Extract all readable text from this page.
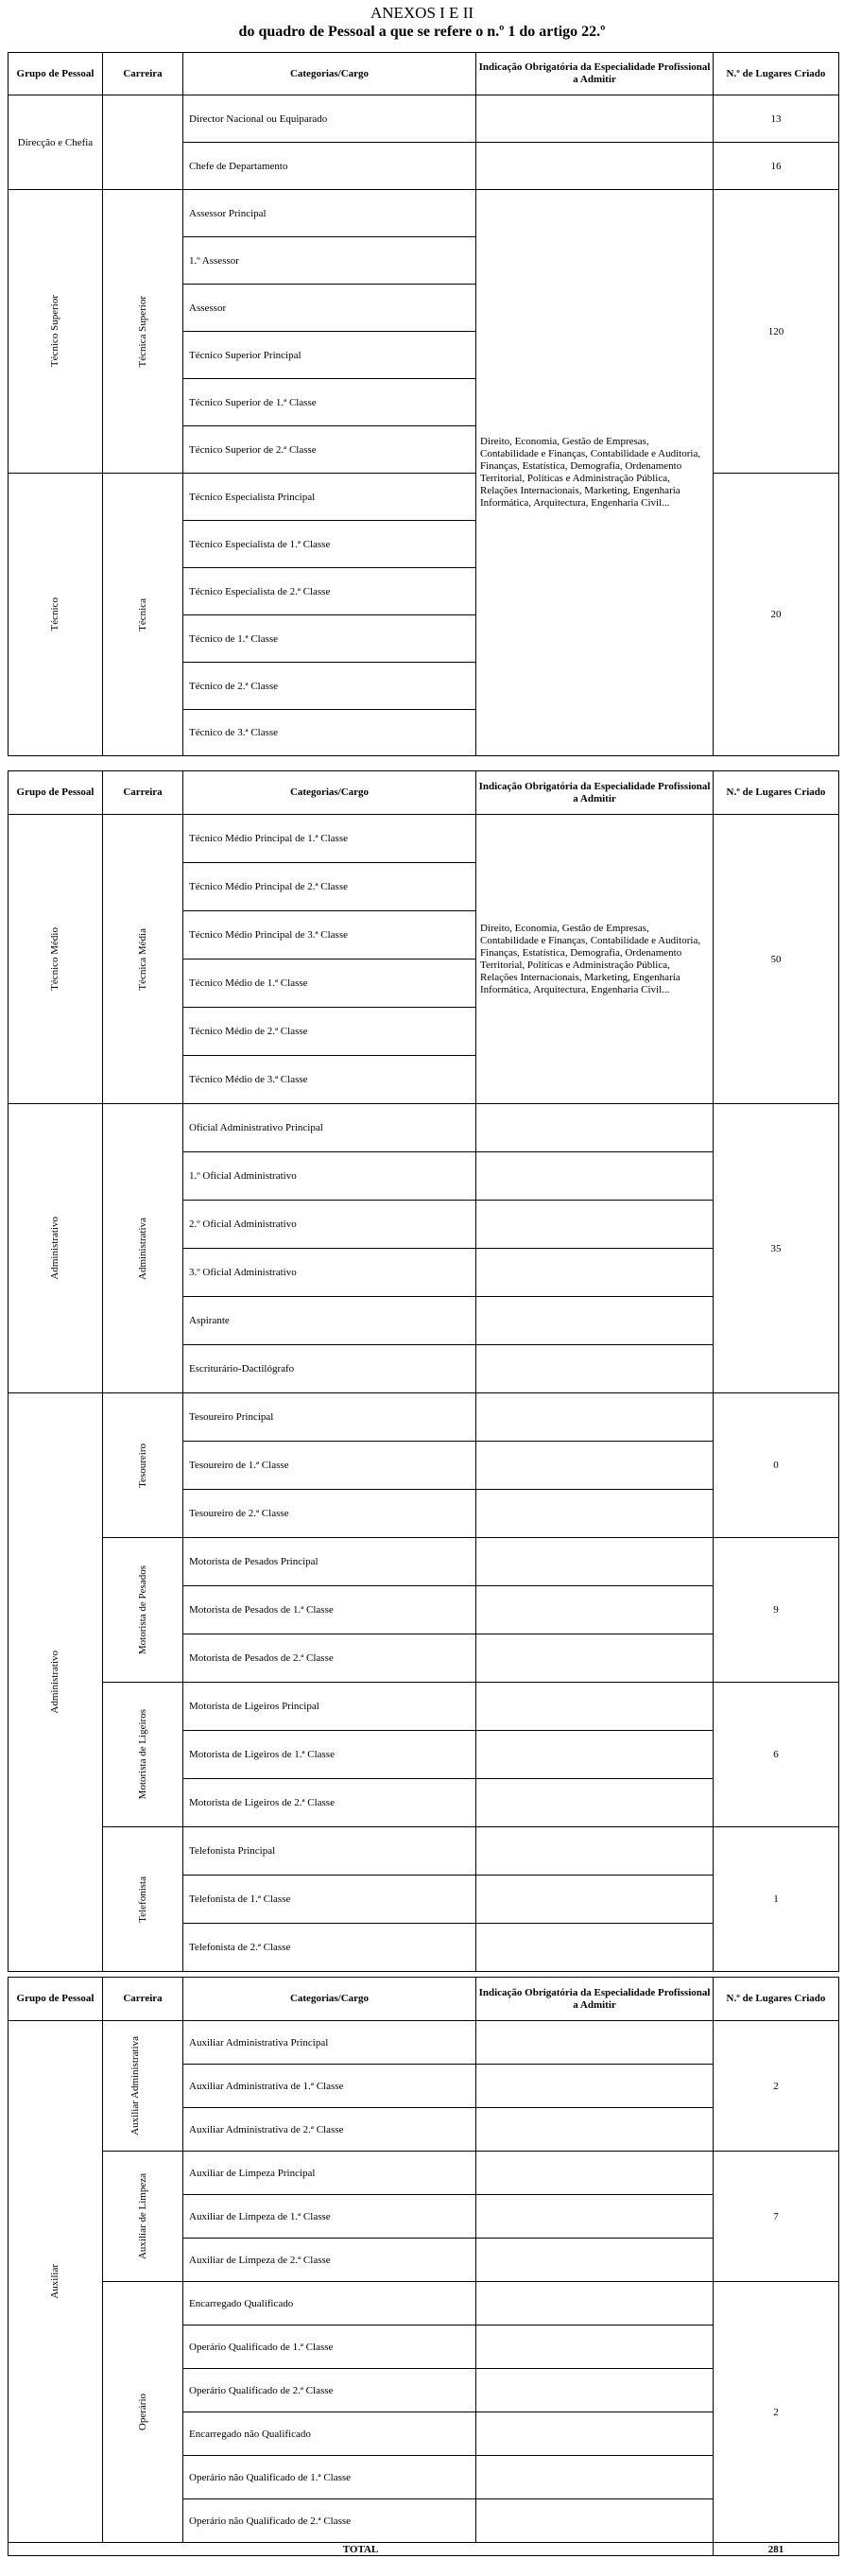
ANEXOS I E II
do quadro de Pessoal a que se refere o n.º 1 do artigo 22.º
Grupo de Pessoal	Carreira	Categorias/Cargo	Indicação Obrigatória da Especialidade Profissional a Admitir	N.º de Lugares Criado
Direcção e Chefia		Director Nacional ou Equiparado		13
		Chefe de Departamento		16

Técnico Superior	Técnica Superior	Assessor Principal	Direito, Economia, Gestão de Empresas, Contabilidade e Finanças, Contabilidade e Auditoria, Finanças, Estatística, Demografia, Ordenamento Territorial, Políticas e Administração Pública, Relações Internacionais, Marketing, Engenharia Informática, Arquitectura, Engenharia Civil...	120
		1.º Assessor		
		Assessor		
		Técnico Superior Principal		
		Técnico Superior de 1.ª Classe		
		Técnico Superior de 2.ª Classe		

Técnico	Técnica	Técnico Especialista Principal		20
		Técnico Especialista de 1.ª Classe		
		Técnico Especialista de 2.ª Classe		
		Técnico de 1.ª Classe		
		Técnico de 2.ª Classe		
		Técnico de 3.ª Classe		
Grupo de Pessoal	Carreira	Categorias/Cargo	Indicação Obrigatória da Especialidade Profissional a Admitir	N.º de Lugares Criado

Técnico Médio	Técnica Média	Técnico Médio Principal de 1.ª Classe	Direito, Economia, Gestão de Empresas, Contabilidade e Finanças, Contabilidade e Auditoria, Finanças, Estatística, Demografia, Ordenamento Territorial, Políticas e Administração Pública, Relações Internacionais, Marketing, Engenharia Informática, Arquitectura, Engenharia Civil...	50
		Técnico Médio Principal de 2.ª Classe		
		Técnico Médio Principal de 3.ª Classe		
		Técnico Médio de 1.ª Classe		
		Técnico Médio de 2.ª Classe		
		Técnico Médio de 3.ª Classe		

Administrativo	Administrativa	Oficial Administrativo Principal		35
		1.º Oficial Administrativo		
		2.º Oficial Administrativo		
		3.º Oficial Administrativo		
		Aspirante		
		Escriturário-Dactilógrafo		

Administrativo	Tesoureiro	Tesoureiro Principal		0
		Tesoureiro de 1.ª Classe		
		Tesoureiro de 2.ª Classe		

	Motorista de Pesados	Motorista de Pesados Principal		9
		Motorista de Pesados de 1.ª Classe		
		Motorista de Pesados de 2.ª Classe		

	Motorista de Ligeiros	Motorista de Ligeiros Principal		6
		Motorista de Ligeiros de 1.ª Classe		
		Motorista de Ligeiros de 2.ª Classe		

	Telefonista	Telefonista Principal		1
		Telefonista de 1.ª Classe		
		Telefonista de 2.ª Classe		
Grupo de Pessoal	Carreira	Categorias/Cargo	Indicação Obrigatória da Especialidade Profissional a Admitir	N.º de Lugares Criado

Auxiliar	Auxiliar Administrativa	Auxiliar Administrativa Principal		2
		Auxiliar Administrativa de 1.ª Classe		
		Auxiliar Administrativa de 2.ª Classe		

	Auxiliar de Limpeza	Auxiliar de Limpeza Principal		7
		Auxiliar de Limpeza de 1.ª Classe		
		Auxiliar de Limpeza de 2.ª Classe		

	Operário	Encarregado Qualificado		2
		Operário Qualificado de 1.ª Classe		
		Operário Qualificado de 2.ª Classe		
		Encarregado não Qualificado		
		Operário não Qualificado de 1.ª Classe		
		Operário não Qualificado de 2.ª Classe		
TOTAL				281
